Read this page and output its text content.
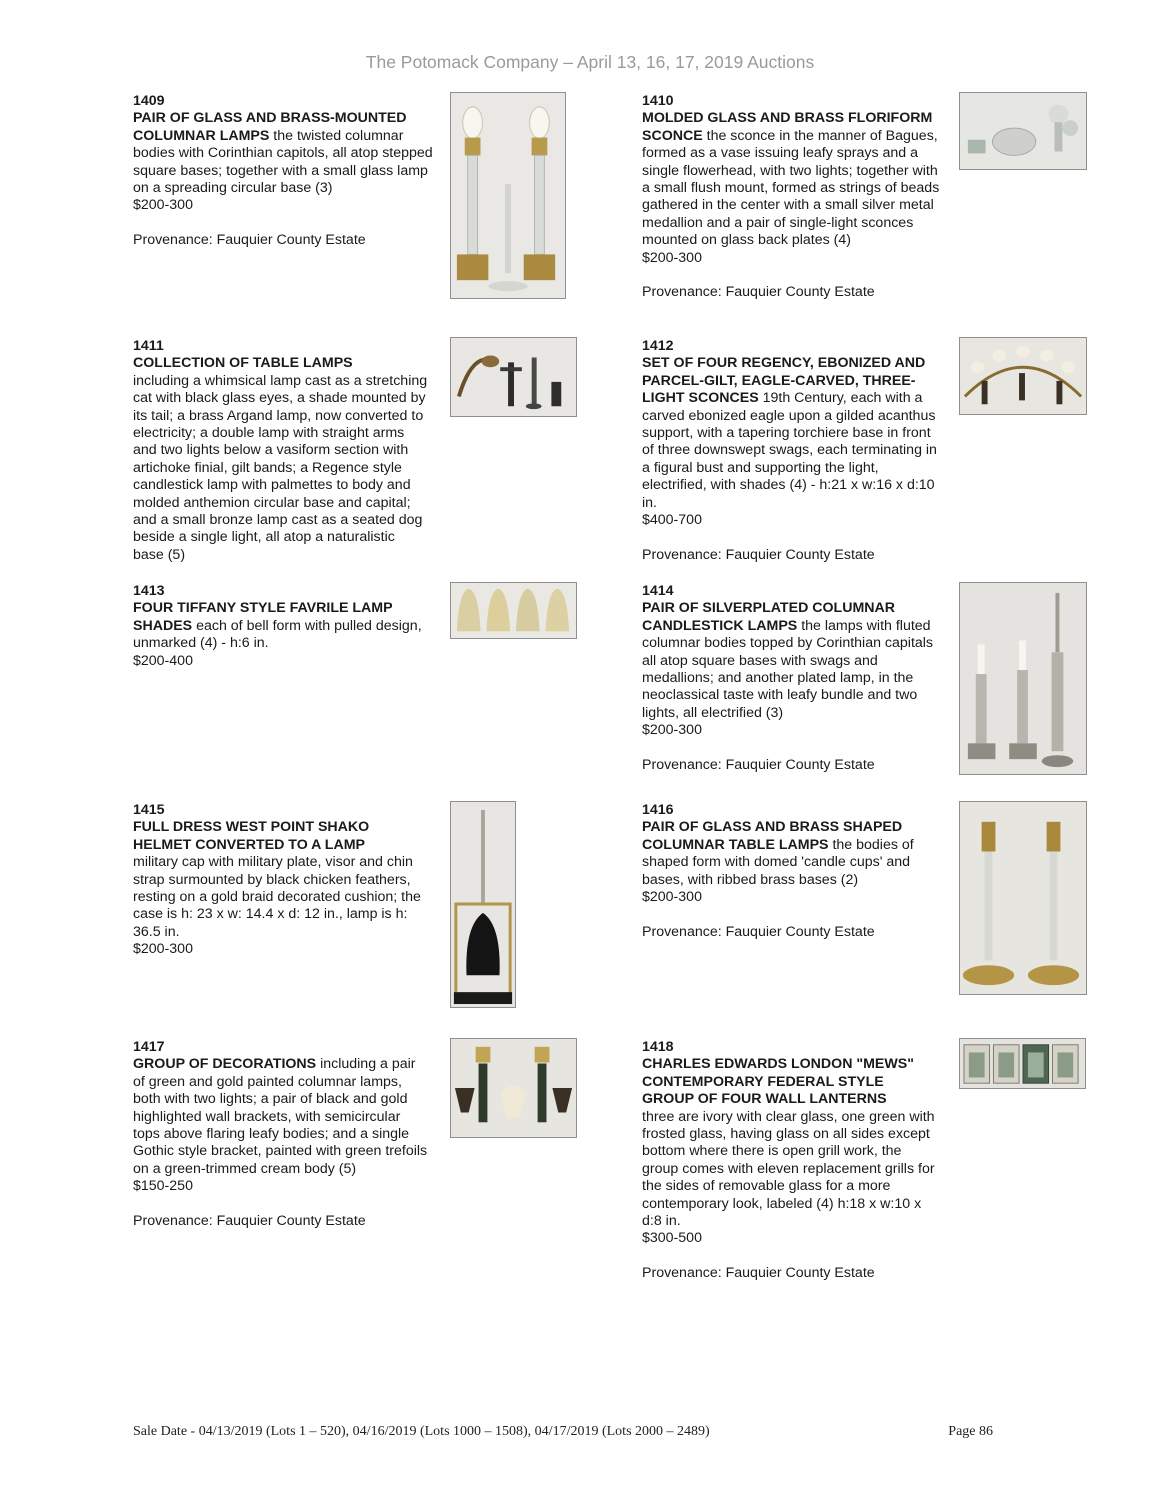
The Potomack Company – April 13, 16, 17, 2019 Auctions
1409
PAIR OF GLASS AND BRASS-MOUNTED COLUMNAR LAMPS the twisted columnar bodies with Corinthian capitols, all atop stepped square bases; together with a small glass lamp on a spreading circular base (3)
$200-300
Provenance: Fauquier County Estate
1411
COLLECTION OF TABLE LAMPS
including a whimsical lamp cast as a stretching cat with black glass eyes, a shade mounted by its tail; a brass Argand lamp, now converted to electricity; a double lamp with straight arms and two lights below a vasiform section with artichoke finial, gilt bands; a Regence style candlestick lamp with palmettes to body and molded anthemion circular base and capital; and a small bronze lamp cast as a seated dog beside a single light, all atop a naturalistic base (5)
1413
FOUR TIFFANY STYLE FAVRILE LAMP SHADES each of bell form with pulled design, unmarked (4) - h:6 in.
$200-400
1415
FULL DRESS WEST POINT SHAKO HELMET CONVERTED TO A LAMP
military cap with military plate, visor and chin strap surmounted by black chicken feathers, resting on a gold braid decorated cushion; the case is h: 23 x w: 14.4 x d: 12 in., lamp is h: 36.5 in.
$200-300
1417
GROUP OF DECORATIONS including a pair of green and gold painted columnar lamps, both with two lights; a pair of black and gold highlighted wall brackets, with semicircular tops above flaring leafy bodies; and a single Gothic style bracket, painted with green trefoils on a green-trimmed cream body (5)
$150-250
Provenance: Fauquier County Estate
1410
MOLDED GLASS AND BRASS FLORIFORM SCONCE the sconce in the manner of Bagues, formed as a vase issuing leafy sprays and a single flowerhead, with two lights; together with a small flush mount, formed as strings of beads gathered in the center with a small silver metal medallion and a pair of single-light sconces mounted on glass back plates (4)
$200-300
Provenance: Fauquier County Estate
1412
SET OF FOUR REGENCY, EBONIZED AND PARCEL-GILT, EAGLE-CARVED, THREE-LIGHT SCONCES 19th Century, each with a carved ebonized eagle upon a gilded acanthus support, with a tapering torchiere base in front of three downswept swags, each terminating in a figural bust and supporting the light, electrified, with shades (4) - h:21 x w:16 x d:10 in.
$400-700
Provenance: Fauquier County Estate
1414
PAIR OF SILVERPLATED COLUMNAR CANDLESTICK LAMPS the lamps with fluted columnar bodies topped by Corinthian capitals all atop square bases with swags and medallions; and another plated lamp, in the neoclassical taste with leafy bundle and two lights, all electrified (3)
$200-300
Provenance: Fauquier County Estate
1416
PAIR OF GLASS AND BRASS SHAPED COLUMNAR TABLE LAMPS the bodies of shaped form with domed 'candle cups' and bases, with ribbed brass bases (2)
$200-300
Provenance: Fauquier County Estate
1418
CHARLES EDWARDS LONDON "MEWS" CONTEMPORARY FEDERAL STYLE GROUP OF FOUR WALL LANTERNS
three are ivory with clear glass, one green with frosted glass, having glass on all sides except bottom where there is open grill work, the group comes with eleven replacement grills for the sides of removable glass for a more contemporary look, labeled (4) h:18 x w:10 x d:8 in.
$300-500
Provenance: Fauquier County Estate
Sale Date - 04/13/2019 (Lots 1 – 520), 04/16/2019 (Lots 1000 – 1508), 04/17/2019 (Lots 2000 – 2489)	Page 86
